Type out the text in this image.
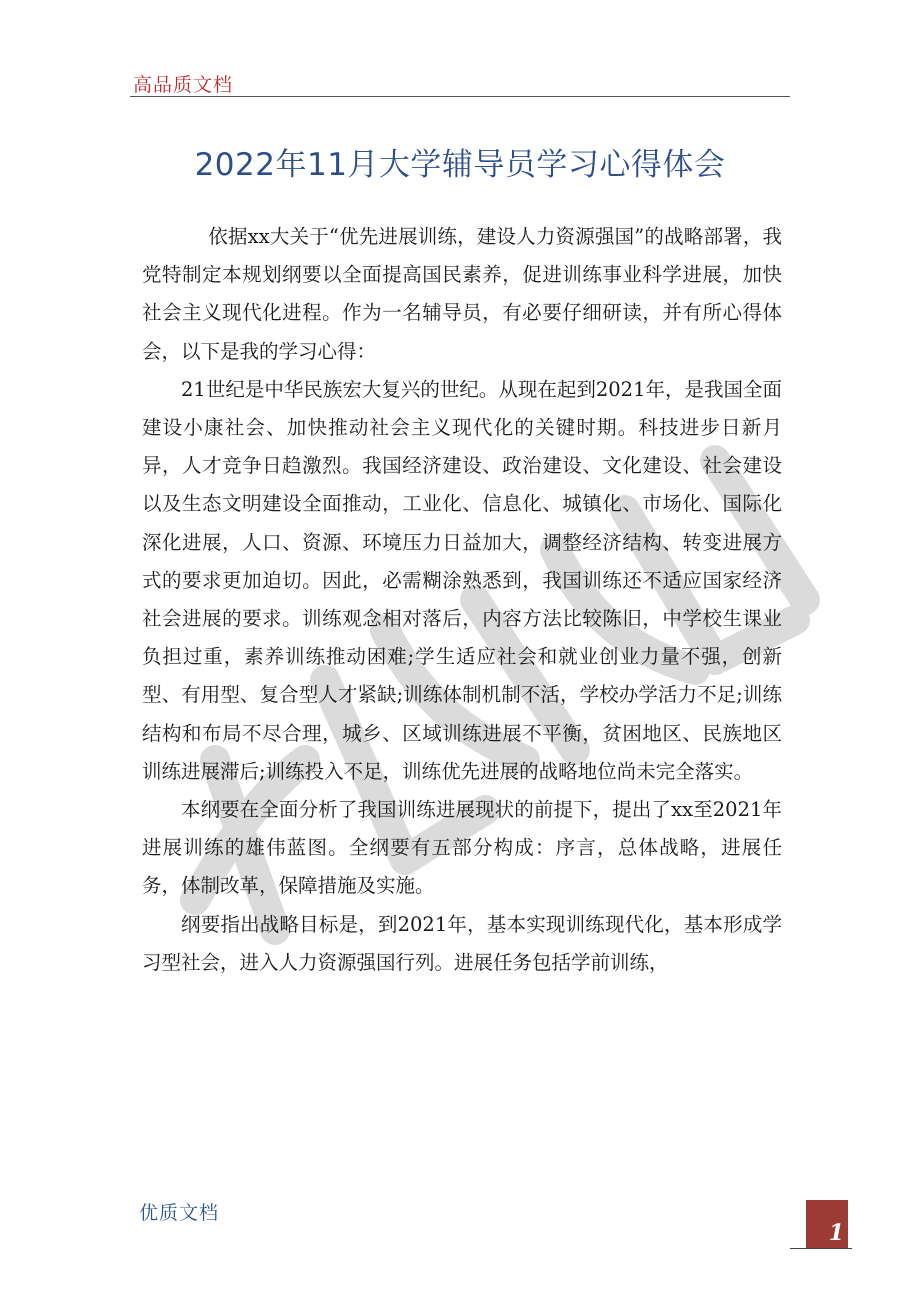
高品质文档
2022年11月大学辅导员学习心得体会

依据xx大关于“优先进展训练，建设人力资源强国”的战略部署，我党特制定本规划纲要以全面提高国民素养，促进训练事业科学进展，加快社会主义现代化进程。作为一名辅导员，有必要仔细研读，并有所心得体会，以下是我的学习心得：

21世纪是中华民族宏大复兴的世纪。从现在起到2021年，是我国全面建设小康社会、加快推动社会主义现代化的关键时期。科技进步日新月异，人才竞争日趋激烈。我国经济建设、政治建设、文化建设、社会建设以及生态文明建设全面推动，工业化、信息化、城镇化、市场化、国际化深化进展，人口、资源、环境压力日益加大，调整经济结构、转变进展方式的要求更加迫切。因此，必需糊涂熟悉到，我国训练还不适应国家经济社会进展的要求。训练观念相对落后，内容方法比较陈旧，中学校生课业负担过重，素养训练推动困难;学生适应社会和就业创业力量不强，创新型、有用型、复合型人才紧缺;训练体制机制不活，学校办学活力不足;训练结构和布局不尽合理，城乡、区域训练进展不平衡，贫困地区、民族地区训练进展滞后;训练投入不足，训练优先进展的战略地位尚未完全落实。

本纲要在全面分析了我国训练进展现状的前提下，提出了xx至2021年进展训练的雄伟蓝图。全纲要有五部分构成：序言，总体战略，进展任务，体制改革，保障措施及实施。

纲要指出战略目标是，到2021年，基本实现训练现代化，基本形成学习型社会，进入人力资源强国行列。进展任务包括学前训练，

优质文档
1
